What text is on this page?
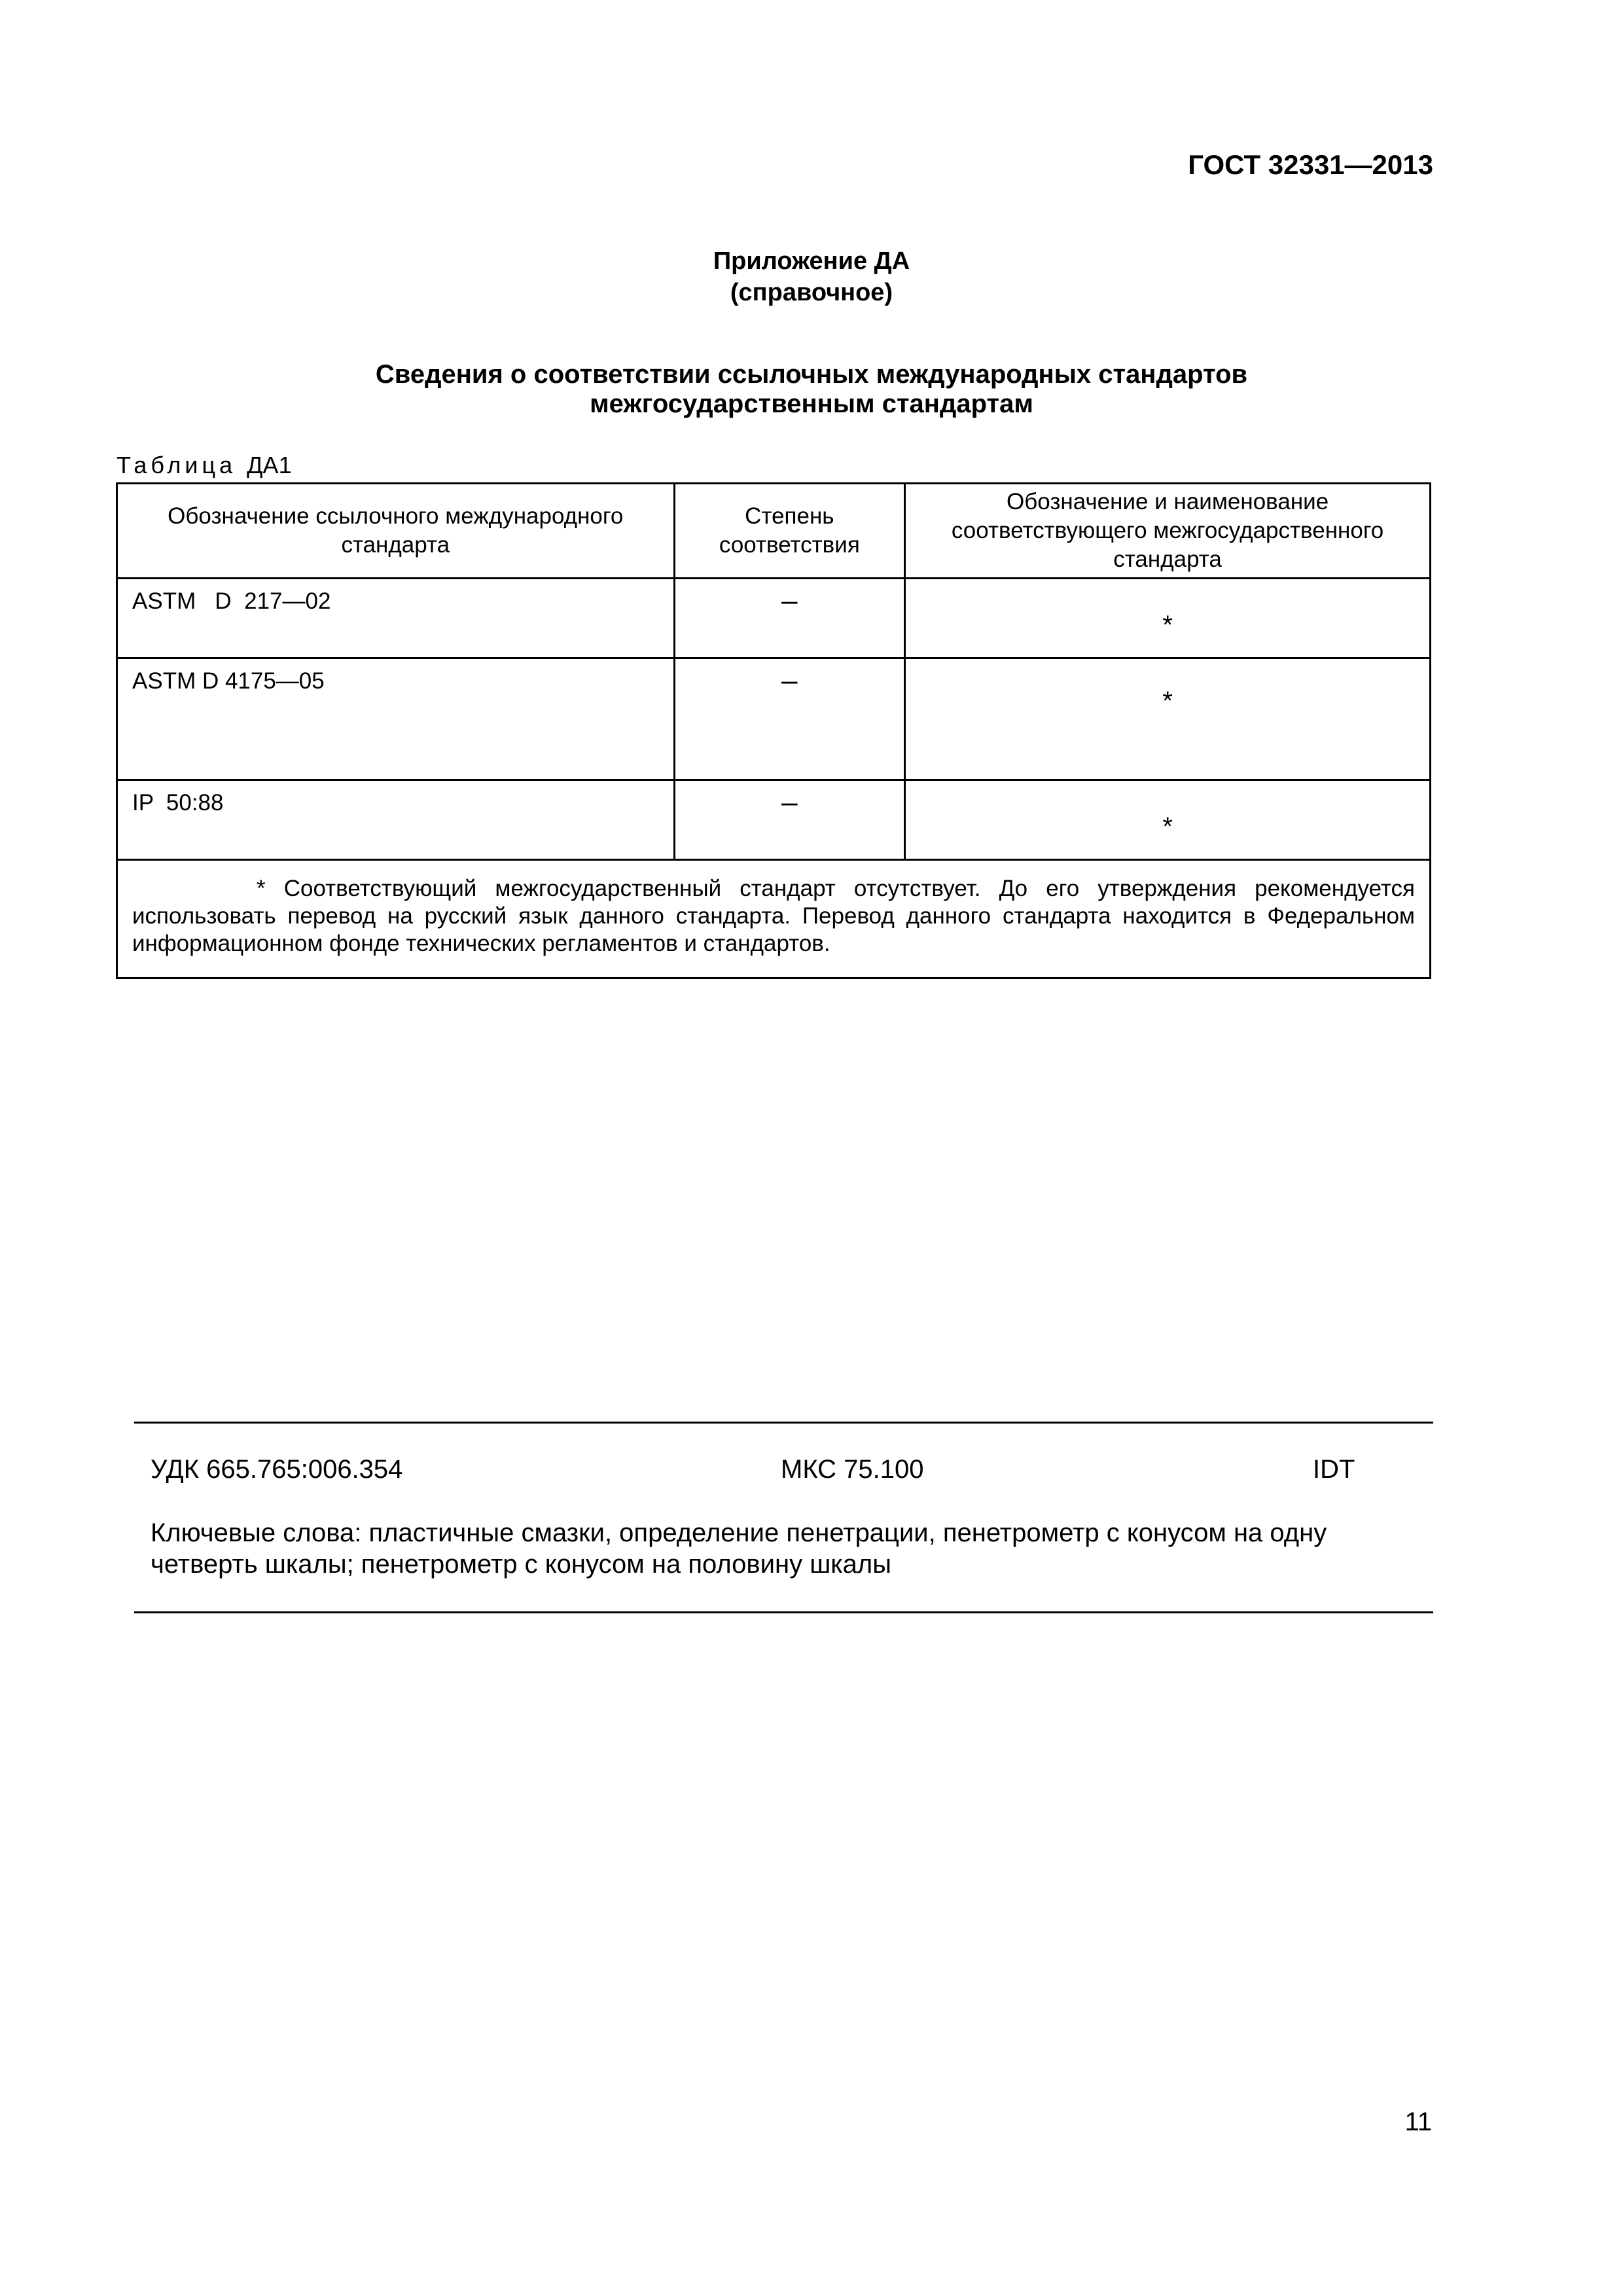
ГОСТ 32331—2013
Приложение ДА
(справочное)
Сведения о соответствии ссылочных международных стандартов
межгосударственным стандартам
Таблица ДА1
Обозначение ссылочного международного стандарта	Степень соответствия	Обозначение и наименование соответствующего межгосударственного стандарта
ASTM   D  217—02	–	*
ASTM D 4175—05	–	*
IP  50:88	–	*
* Соответствующий межгосударственный стандарт отсутствует. До его утверждения рекомендуется использовать перевод на русский язык данного стандарта. Перевод данного стандарта находится в Федеральном информационном фонде технических регламентов и стандартов.		
УДК 665.765:006.354	МКС 75.100	IDT
Ключевые слова: пластичные смазки, определение пенетрации, пенетрометр с конусом на одну четверть шкалы; пенетрометр с конусом на половину шкалы
11
